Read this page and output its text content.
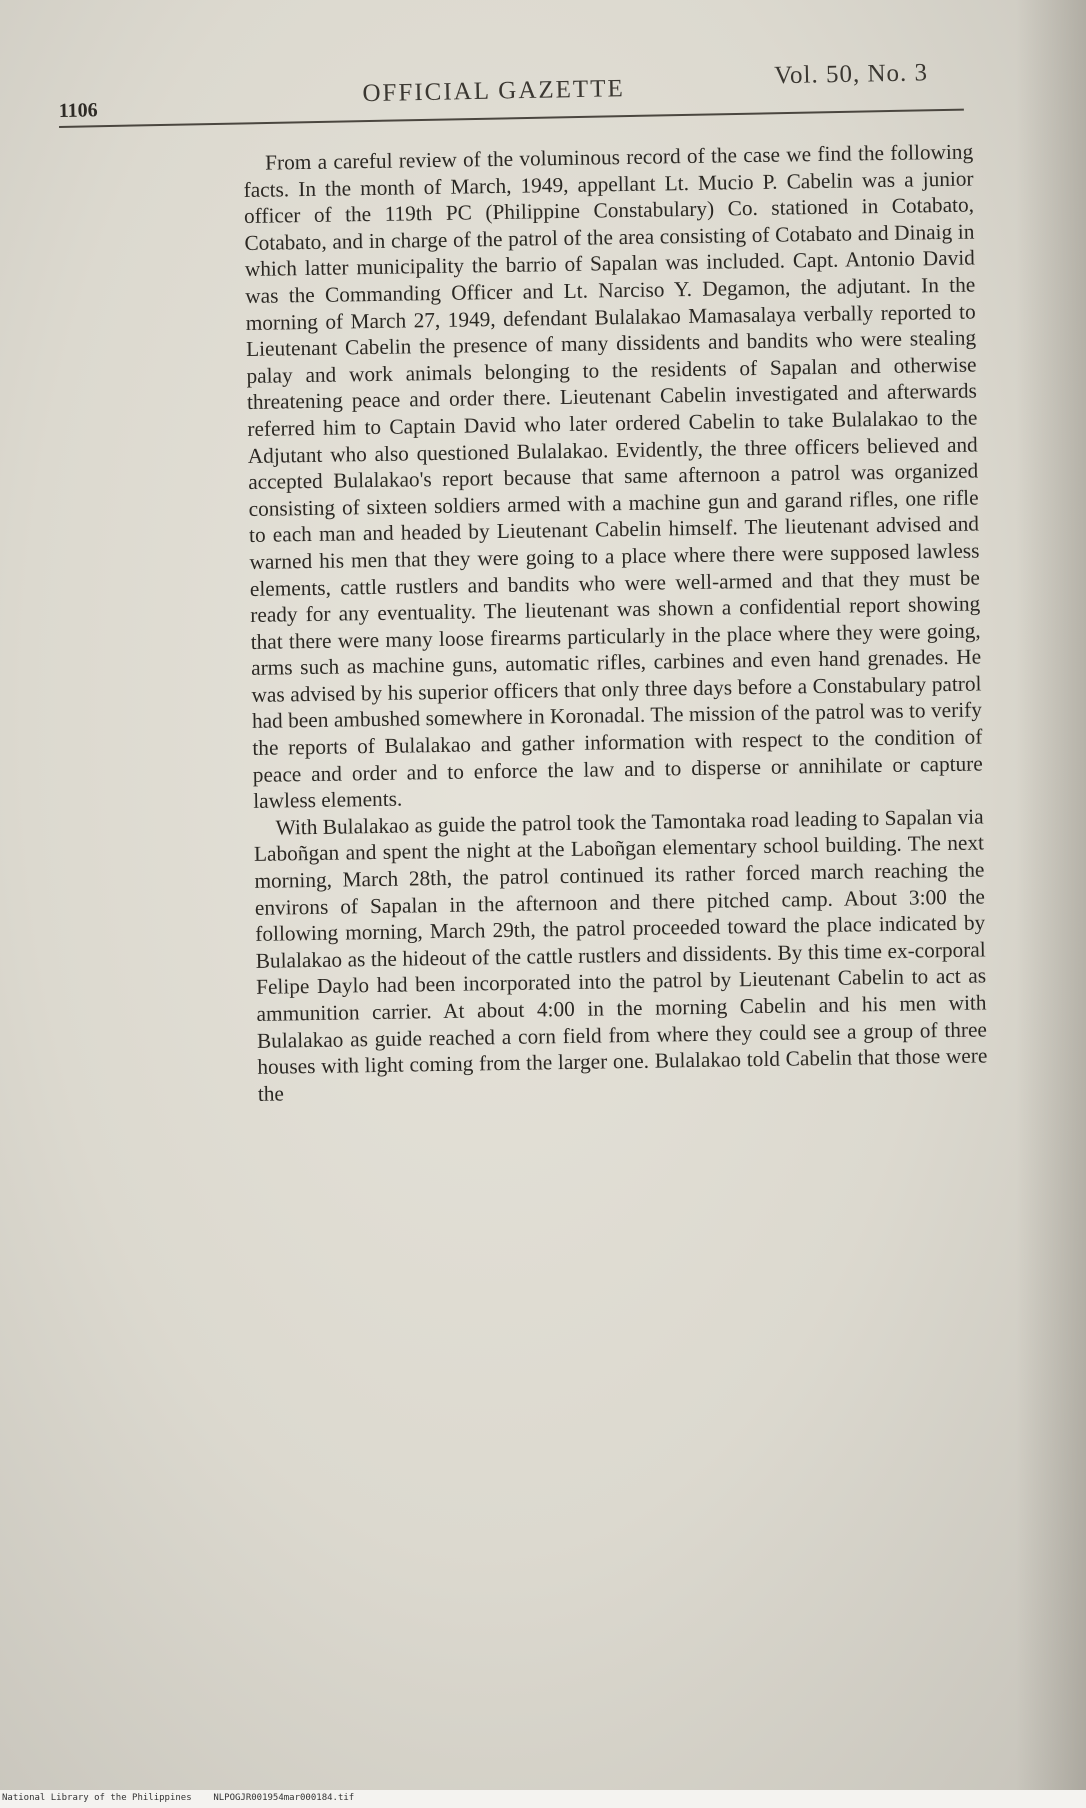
1106
OFFICIAL GAZETTE
Vol. 50, No. 3

From a careful review of the voluminous record of the case we find the following facts. In the month of March, 1949, appellant Lt. Mucio P. Cabelin was a junior officer of the 119th PC (Philippine Constabulary) Co. stationed in Cotabato, Cotabato, and in charge of the patrol of the area consisting of Cotabato and Dinaig in which latter municipality the barrio of Sapalan was included. Capt. Antonio David was the Commanding Officer and Lt. Narciso Y. Degamon, the adjutant. In the morning of March 27, 1949, defendant Bulalakao Mamasalaya verbally reported to Lieutenant Cabelin the presence of many dissidents and bandits who were stealing palay and work animals belonging to the residents of Sapalan and otherwise threatening peace and order there. Lieutenant Cabelin investigated and afterwards referred him to Captain David who later ordered Cabelin to take Bulalakao to the Adjutant who also questioned Bulalakao. Evidently, the three officers believed and accepted Bulalakao's report because that same afternoon a patrol was organized consisting of sixteen soldiers armed with a machine gun and garand rifles, one rifle to each man and headed by Lieutenant Cabelin himself. The lieutenant advised and warned his men that they were going to a place where there were supposed lawless elements, cattle rustlers and bandits who were well-armed and that they must be ready for any eventuality. The lieutenant was shown a confidential report showing that there were many loose firearms particularly in the place where they were going, arms such as machine guns, automatic rifles, carbines and even hand grenades. He was advised by his superior officers that only three days before a Constabulary patrol had been ambushed somewhere in Koronadal. The mission of the patrol was to verify the reports of Bulalakao and gather information with respect to the condition of peace and order and to enforce the law and to disperse or annihilate or capture lawless elements.

With Bulalakao as guide the patrol took the Tamontaka road leading to Sapalan via Laboñgan and spent the night at the Laboñgan elementary school building. The next morning, March 28th, the patrol continued its rather forced march reaching the environs of Sapalan in the afternoon and there pitched camp. About 3:00 the following morning, March 29th, the patrol proceeded toward the place indicated by Bulalakao as the hideout of the cattle rustlers and dissidents. By this time ex-corporal Felipe Daylo had been incorporated into the patrol by Lieutenant Cabelin to act as ammunition carrier. At about 4:00 in the morning Cabelin and his men with Bulalakao as guide reached a corn field from where they could see a group of three houses with light coming from the larger one. Bulalakao told Cabelin that those were the

National Library of the Philippines    NLPOGJR001954mar000184.tif
